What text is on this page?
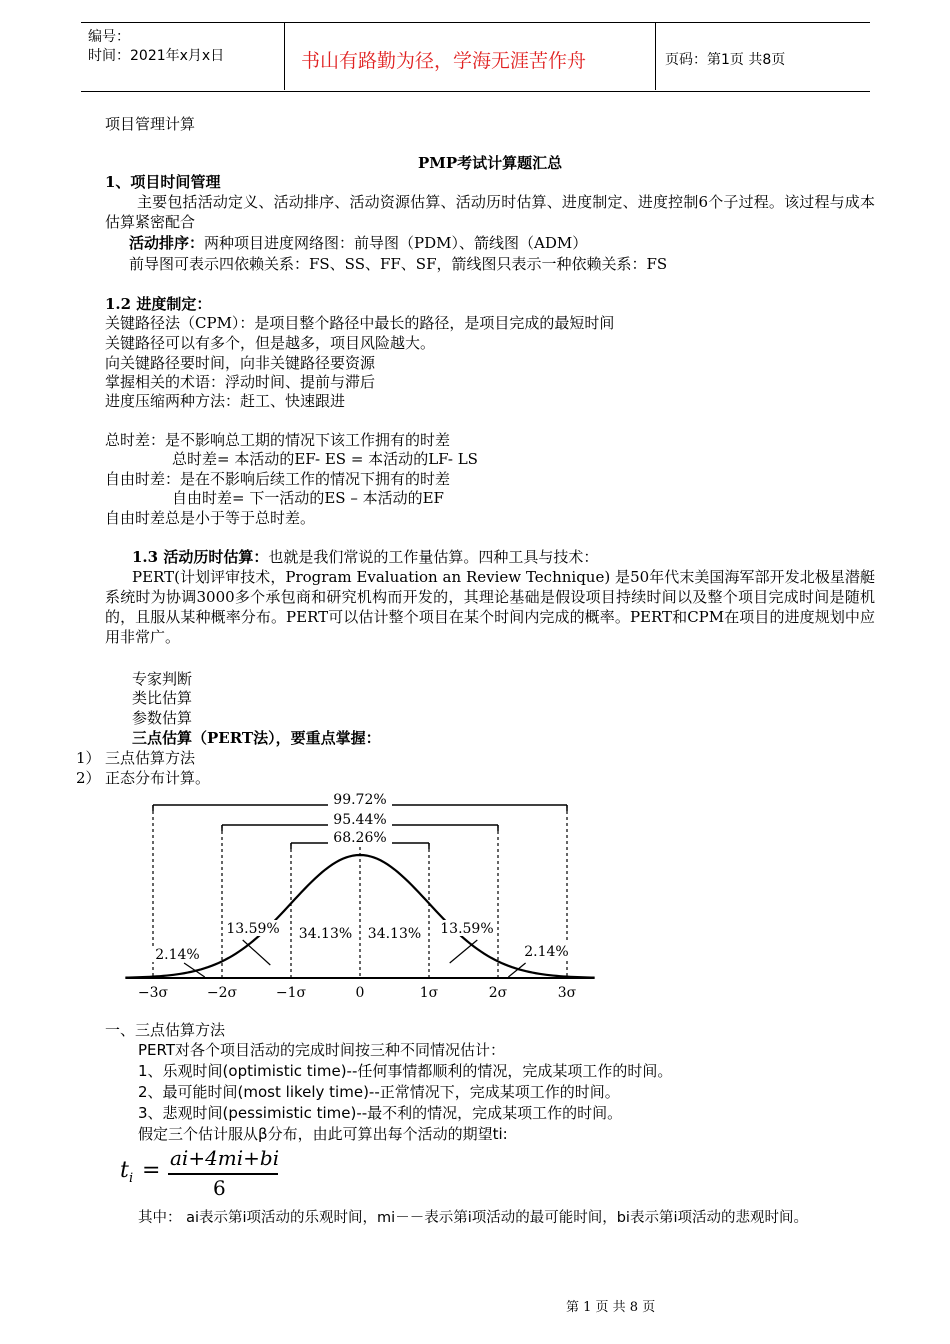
编号：
时间：2021年x月x日	书山有路勤为径，学海无涯苦作舟	页码：第1页 共8页
项目管理计算
PMP考试计算题汇总
1、项目时间管理
主要包括活动定义、活动排序、活动资源估算、活动历时估算、进度制定、进度控制6个子过程。该过程与成本估算紧密配合
活动排序：两种项目进度网络图：前导图（PDM）、箭线图（ADM）
前导图可表示四依赖关系：FS、SS、FF、SF，箭线图只表示一种依赖关系：FS
1.2 进度制定：
关键路径法（CPM）：是项目整个路径中最长的路径，是项目完成的最短时间
关键路径可以有多个，但是越多，项目风险越大。
向关键路径要时间，向非关键路径要资源
掌握相关的术语：浮动时间、提前与滞后
进度压缩两种方法：赶工、快速跟进
总时差：是不影响总工期的情况下该工作拥有的时差
总时差= 本活动的EF- ES = 本活动的LF- LS
自由时差：是在不影响后续工作的情况下拥有的时差
自由时差= 下一活动的ES – 本活动的EF
自由时差总是小于等于总时差。
1.3 活动历时估算：也就是我们常说的工作量估算。四种工具与技术：
PERT(计划评审技术，Program Evaluation an Review Technique) 是50年代末美国海军部开发北极星潜艇系统时为协调3000多个承包商和研究机构而开发的，其理论基础是假设项目持续时间以及整个项目完成时间是随机的，且服从某种概率分布。PERT可以估计整个项目在某个时间内完成的概率。PERT和CPM在项目的进度规划中应用非常广。
专家判断
类比估算
参数估算
三点估算（PERT法），要重点掌握：
1） 三点估算方法
2） 正态分布计算。
99.72%
95.44%
68.26%
2.14%
13.59% 34.13% 34.13% 13.59%
2.14%
−3σ	−2σ	−1σ	0	1σ	2σ	3σ
一、三点估算方法
PERT对各个项目活动的完成时间按三种不同情况估计：
1、乐观时间(optimistic time)--任何事情都顺利的情况，完成某项工作的时间。
2、最可能时间(most likely time)--正常情况下，完成某项工作的时间。
3、悲观时间(pessimistic time)--最不利的情况，完成某项工作的时间。
假定三个估计服从β分布，由此可算出每个活动的期望ti:
t i = ai+4mi+bi
6
其中： ai表示第i项活动的乐观时间，mi－－表示第i项活动的最可能时间，bi表示第i项活动的悲观时间。
第 1 页 共 8 页
